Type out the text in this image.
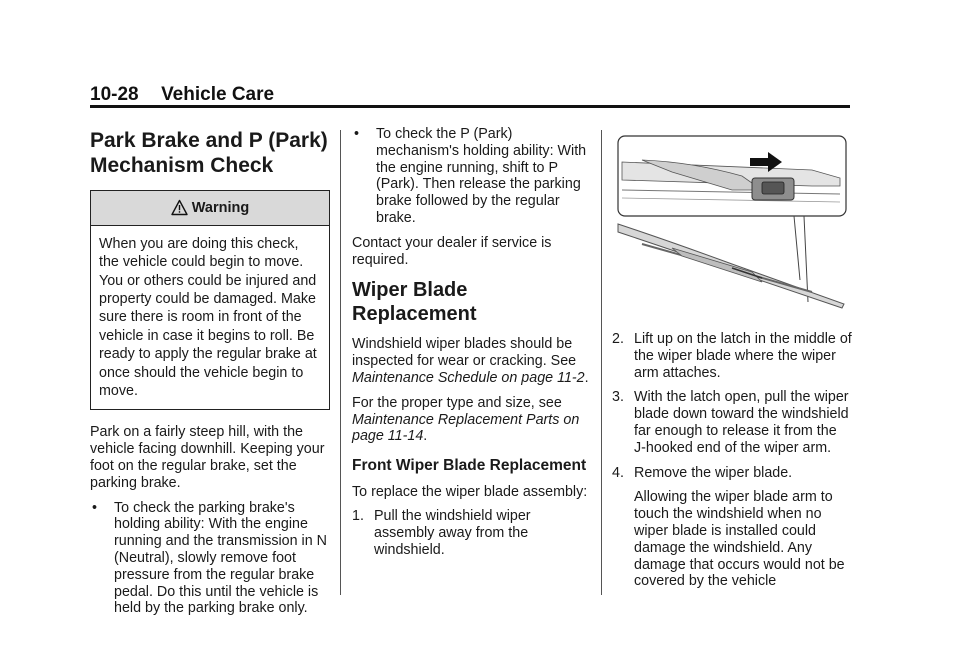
10-28 Vehicle Care
Park Brake and P (Park)
Mechanism Check
Warning
When you are doing this check, the vehicle could begin to move. You or others could be injured and property could be damaged. Make sure there is room in front of the vehicle in case it begins to roll. Be ready to apply the regular brake at once should the vehicle begin to move.

Park on a fairly steep hill, with the vehicle facing downhill. Keeping your foot on the regular brake, set the parking brake.

• To check the parking brake's holding ability: With the engine running and the transmission in N (Neutral), slowly remove foot pressure from the regular brake pedal. Do this until the vehicle is held by the parking brake only.
• To check the P (Park) mechanism's holding ability: With the engine running, shift to P (Park). Then release the parking brake followed by the regular brake.

Contact your dealer if service is required.

Wiper Blade Replacement

Windshield wiper blades should be inspected for wear or cracking. See Maintenance Schedule on page 11-2.

For the proper type and size, see Maintenance Replacement Parts on page 11-14.

Front Wiper Blade Replacement

To replace the wiper blade assembly:

1. Pull the windshield wiper assembly away from the windshield.
2. Lift up on the latch in the middle of the wiper blade where the wiper arm attaches.
3. With the latch open, pull the wiper blade down toward the windshield far enough to release it from the J-hooked end of the wiper arm.
4. Remove the wiper blade.

Allowing the wiper blade arm to touch the windshield when no wiper blade is installed could damage the windshield. Any damage that occurs would not be covered by the vehicle
